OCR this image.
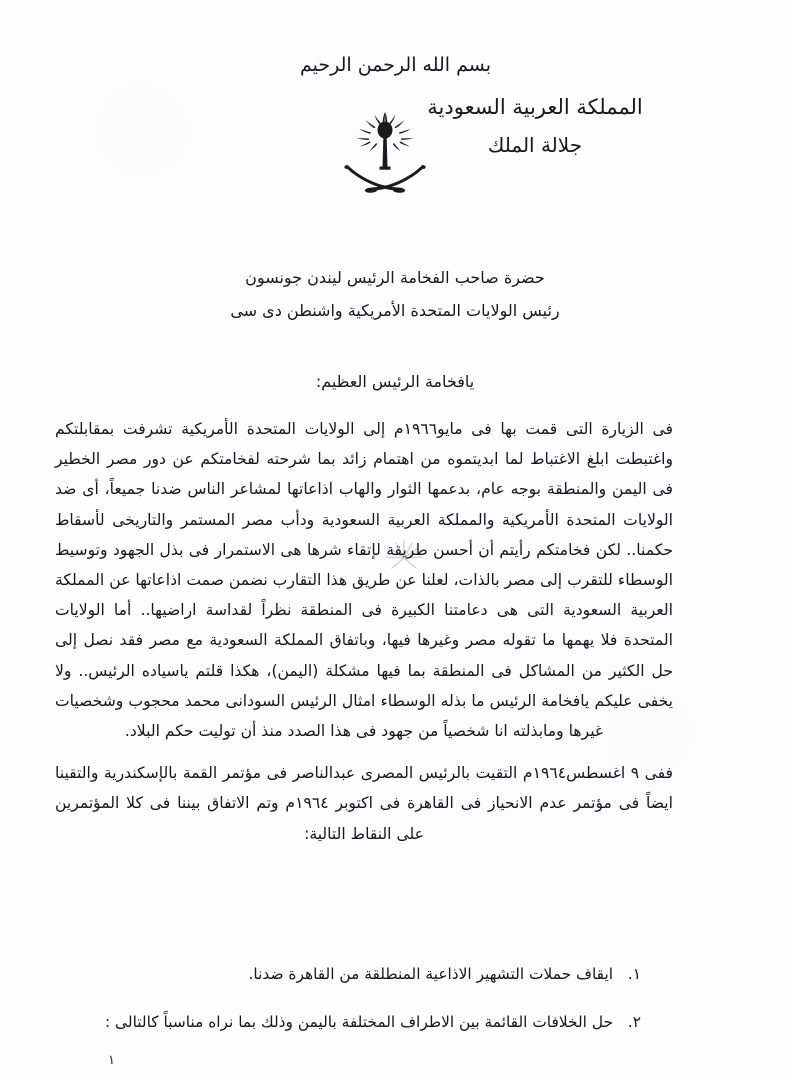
بسم الله الرحمن الرحيم
المملكة العربية السعودية
جلالة الملك
حضرة صاحب الفخامة الرئيس ليندن جونسون
رئيس الولايات المتحدة الأمريكية واشنطن دى سى
يافخامة الرئيس العظيم:

فى الزيارة التى قمت بها فى مايو١٩٦٦م إلى الولايات المتحدة الأمريكية تشرفت بمقابلتكم واغتبطت ابلغ الاغتباط لما ابديتموه من اهتمام زائد بما شرحته لفخامتكم عن دور مصر الخطير فى اليمن والمنطقة بوجه عام، بدعمها الثوار والهاب اذاعاتها لمشاعر الناس ضدنا جميعاً، أى ضد الولايات المتحدة الأمريكية والمملكة العربية السعودية ودأب مصر المستمر والتاريخى لأسقاط حكمنا.. لكن فخامتكم رأيتم أن أحسن طريقة لإتقاء شرها هى الاستمرار فى بذل الجهود وتوسيط الوسطاء للتقرب إلى مصر بالذات، لعلنا عن طريق هذا التقارب نضمن صمت اذاعاتها عن المملكة العربية السعودية التى هى دعامتنا الكبيرة فى المنطقة نظراً لقداسة اراضيها.. أما الولايات المتحدة فلا يهمها ما تقوله مصر وغيرها فيها، وباتفاق المملكة السعودية مع مصر فقد نصل إلى حل الكثير من المشاكل فى المنطقة بما فيها مشكلة (اليمن)، هكذا قلتم ياسياده الرئيس.. ولا يخفى عليكم يافخامة الرئيس ما بذله الوسطاء امثال الرئيس السودانى محمد محجوب وشخصيات غيرها ومابذلته انا شخصياً من جهود فى هذا الصدد منذ أن توليت حكم البلاد.

ففى ٩ اغسطس١٩٦٤م التقيت بالرئيس المصرى عبدالناصر فى مؤتمر القمة بالإسكندرية والتقينا ايضاً فى مؤتمر عدم الانحياز فى القاهرة فى اكتوبر ١٩٦٤م وتم الاتفاق بيننا فى كلا المؤتمرين على النقاط التالية:

١.
ايقاف حملات التشهير الاذاعية المنطلقة من القاهرة ضدنا.
٢.
حل الخلافات القائمة بين الاطراف المختلفة باليمن وذلك بما نراه مناسباً كالتالى :
١
